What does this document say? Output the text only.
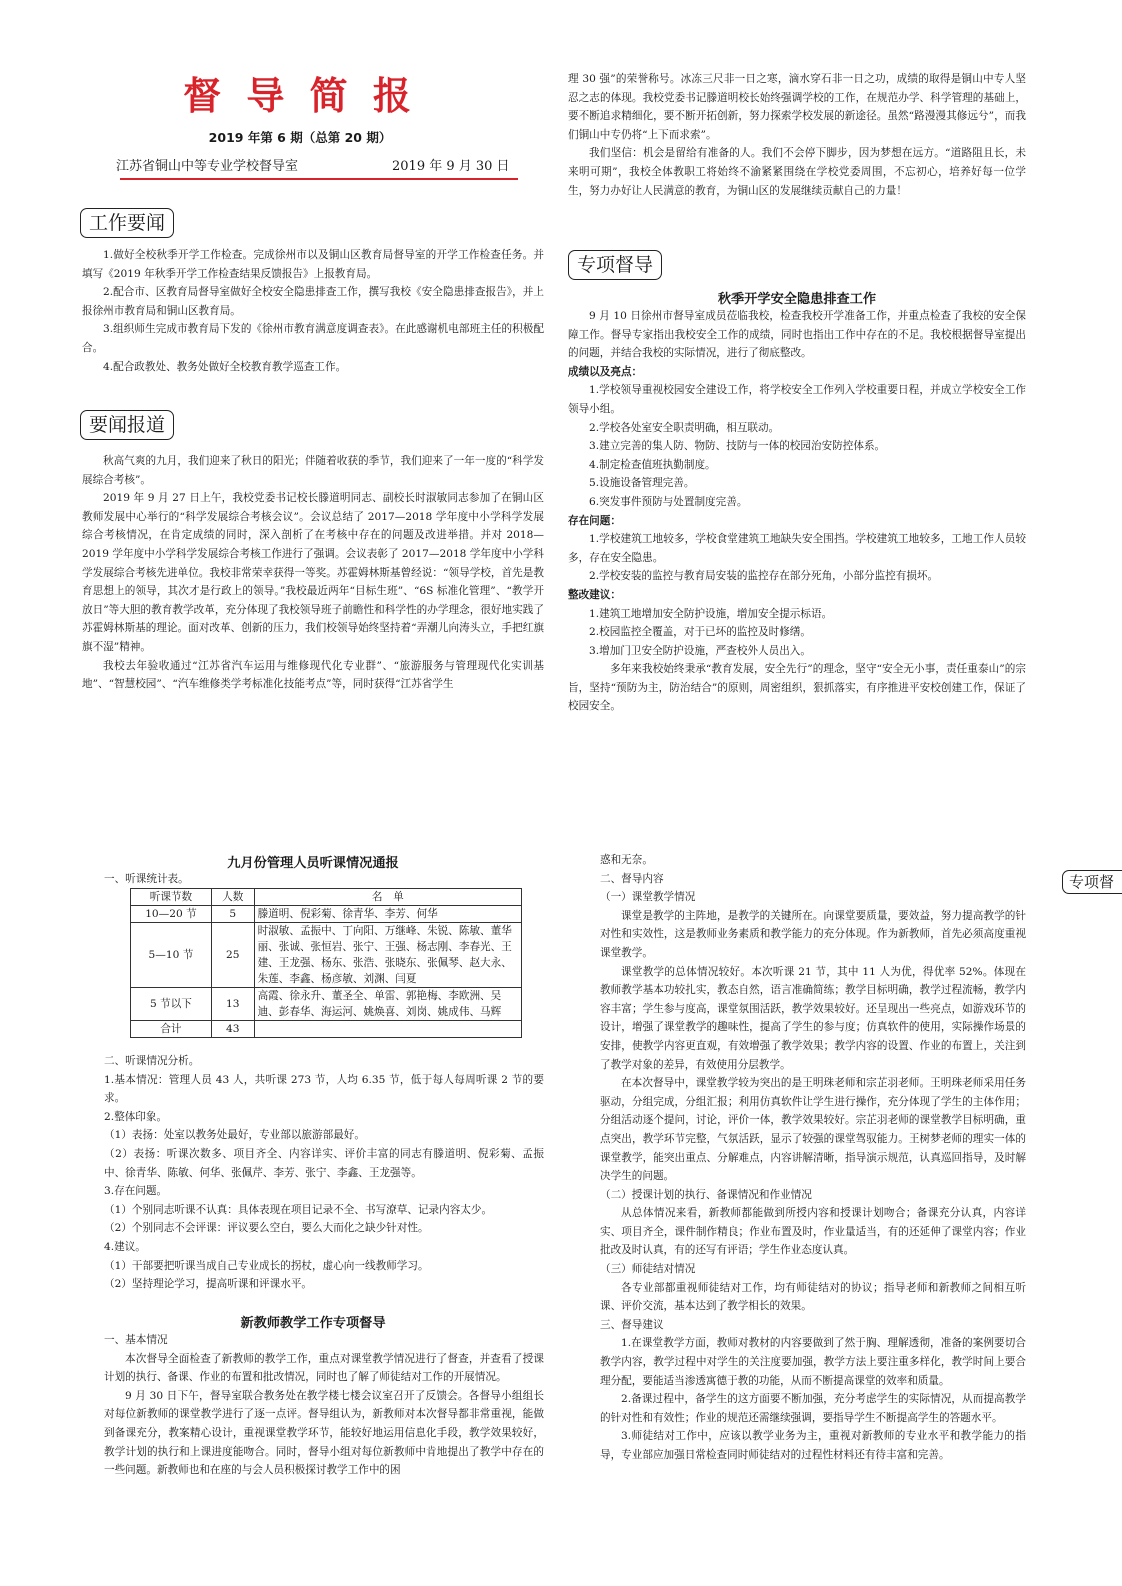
督 导 简 报
2019 年第 6 期（总第 20 期）
江苏省铜山中等专业学校督导室	2019 年 9 月 30 日
工作要闻

1.做好全校秋季开学工作检查。完成徐州市以及铜山区教育局督导室的开学工作检查任务。并填写《2019 年秋季开学工作检查结果反馈报告》上报教育局。

2.配合市、区教育局督导室做好全校安全隐患排查工作，撰写我校《安全隐患排查报告》，并上报徐州市教育局和铜山区教育局。

3.组织师生完成市教育局下发的《徐州市教育满意度调查表》。在此感谢机电部班主任的积极配合。

4.配合政教处、教务处做好全校教育教学巡查工作。

要闻报道

秋高气爽的九月，我们迎来了秋日的阳光；伴随着收获的季节，我们迎来了一年一度的“科学发展综合考核”。

2019 年 9 月 27 日上午，我校党委书记校长滕道明同志、副校长时淑敏同志参加了在铜山区教师发展中心举行的“科学发展综合考核会议”。会议总结了 2017—2018 学年度中小学科学发展综合考核情况，在肯定成绩的同时，深入剖析了在考核中存在的问题及改进举措。并对 2018—2019 学年度中小学科学发展综合考核工作进行了强调。会议表彰了 2017—2018 学年度中小学科学发展综合考核先进单位。我校非常荣幸获得一等奖。苏霍姆林斯基曾经说：“领导学校，首先是教育思想上的领导，其次才是行政上的领导。”我校最近两年“目标生班”、“6S 标准化管理”、“教学开放日”等大胆的教育教学改革，充分体现了我校领导班子前瞻性和科学性的办学理念，很好地实践了苏霍姆林斯基的理论。面对改革、创新的压力，我们校领导始终坚持着“弄潮儿向涛头立，手把红旗旗不湿”精神。

我校去年验收通过“江苏省汽车运用与维修现代化专业群”、“旅游服务与管理现代化实训基地”、“智慧校园”、“汽车维修类学考标准化技能考点”等，同时获得“江苏省学生

理 30 强”的荣誉称号。冰冻三尺非一日之寒，滴水穿石非一日之功，成绩的取得是铜山中专人坚忍之志的体现。我校党委书记滕道明校长始终强调学校的工作，在规范办学、科学管理的基础上，要不断追求精细化，要不断开拓创新，努力探索学校发展的新途径。虽然“路漫漫其修远兮”，而我们铜山中专仍将“上下而求索”。

我们坚信：机会是留给有准备的人。我们不会停下脚步，因为梦想在远方。“道路阻且长，未来明可期”，我校全体教职工将始终不渝紧紧围绕在学校党委周围，不忘初心，培养好每一位学生，努力办好让人民满意的教育，为铜山区的发展继续贡献自己的力量！

专项督导
秋季开学安全隐患排查工作

9 月 10 日徐州市督导室成员莅临我校，检查我校开学准备工作，并重点检查了我校的安全保障工作。督导专家指出我校安全工作的成绩，同时也指出工作中存在的不足。我校根据督导室提出的问题，并结合我校的实际情况，进行了彻底整改。

成绩以及亮点：

1.学校领导重视校园安全建设工作，将学校安全工作列入学校重要日程，并成立学校安全工作领导小组。

2.学校各处室安全职责明确，相互联动。

3.建立完善的集人防、物防、技防与一体的校园治安防控体系。

4.制定检查值班执勤制度。

5.设施设备管理完善。

6.突发事件预防与处置制度完善。

存在问题：

1.学校建筑工地较多，学校食堂建筑工地缺失安全围挡。学校建筑工地较多，工地工作人员较多，存在安全隐患。

2.学校安装的监控与教育局安装的监控存在部分死角，小部分监控有损坏。

整改建议：

1.建筑工地增加安全防护设施，增加安全提示标语。

2.校园监控全覆盖，对于已坏的监控及时修缮。

3.增加门卫安全防护设施，严查校外人员出入。

多年来我校始终秉承“教育发展，安全先行”的理念，坚守“安全无小事，责任重泰山”的宗旨，坚持“预防为主，防治结合”的原则，周密组织，狠抓落实，有序推进平安校创建工作，保证了校园安全。

九月份管理人员听课情况通报
一、听课统计表。
听课节数	人数	名　单
10—20 节	5	滕道明、倪彩菊、徐青华、李芳、何华
5—10 节	25	时淑敏、孟振中、丁向阳、万继峰、朱锐、陈敏、董华丽、张诚、张恒岩、张宁、王强、杨志刚、李春光、王建、王龙强、杨东、张浩、张晓东、张佩琴、赵大永、朱莲、李鑫、杨彦敏、刘渊、闫夏
5 节以下	13	高霞、徐永升、董圣全、单雷、郭艳梅、李欧洲、吴迪、彭春华、海运河、姚焕喜、刘岗、姚成伟、马辉
合计	43	

二、听课情况分析。

1.基本情况：管理人员 43 人，共听课 273 节，人均 6.35 节，低于每人每周听课 2 节的要求。

2.整体印象。

（1）表扬：处室以教务处最好，专业部以旅游部最好。

（2）表扬：听课次数多、项目齐全、内容详实、评价丰富的同志有滕道明、倪彩菊、孟振中、徐青华、陈敏、何华、张佩芹、李芳、张宁、李鑫、王龙强等。

3.存在问题。

（1）个别同志听课不认真：具体表现在项目记录不全、书写潦草、记录内容太少。

（2）个别同志不会评课：评议要么空白，要么大而化之缺少针对性。

4.建议。

（1）干部要把听课当成自己专业成长的拐杖，虚心向一线教师学习。

（2）坚持理论学习，提高听课和评课水平。

新教师教学工作专项督导

一、基本情况

本次督导全面检查了新教师的教学工作，重点对课堂教学情况进行了督查，并查看了授课计划的执行、备课、作业的布置和批改情况，同时也了解了师徒结对工作的开展情况。

9 月 30 日下午，督导室联合教务处在教学楼七楼会议室召开了反馈会。各督导小组组长对每位新教师的课堂教学进行了逐一点评。督导组认为，新教师对本次督导都非常重视，能做到备课充分，教案精心设计，重视课堂教学环节，能较好地运用信息化手段，教学效果较好，教学计划的执行和上课进度能吻合。同时，督导小组对每位新教师中肯地提出了教学中存在的一些问题。新教师也和在座的与会人员积极探讨教学工作中的困

惑和无奈。

二、督导内容

（一）课堂教学情况

课堂是教学的主阵地，是教学的关键所在。向课堂要质量，要效益，努力提高教学的针对性和实效性，这是教师业务素质和教学能力的充分体现。作为新教师，首先必须高度重视课堂教学。

课堂教学的总体情况较好。本次听课 21 节，其中 11 人为优，得优率 52%。体现在教师教学基本功较扎实，教态自然，语言准确简练；教学目标明确，教学过程流畅，教学内容丰富；学生参与度高，课堂氛围活跃，教学效果较好。还呈现出一些亮点，如游戏环节的设计，增强了课堂教学的趣味性，提高了学生的参与度；仿真软件的使用，实际操作场景的安排，使教学内容更直观，有效增强了教学效果；教学内容的设置、作业的布置上，关注到了教学对象的差异，有效使用分层教学。

在本次督导中，课堂教学较为突出的是王明珠老师和宗芷羽老师。王明珠老师采用任务驱动，分组完成，分组汇报；利用仿真软件让学生进行操作，充分体现了学生的主体作用；分组活动逐个提问，讨论，评价一体，教学效果较好。宗芷羽老师的课堂教学目标明确，重点突出，教学环节完整，气氛活跃，显示了较强的课堂驾驭能力。王树梦老师的理实一体的课堂教学，能突出重点、分解难点，内容讲解清晰，指导演示规范，认真巡回指导，及时解决学生的问题。

（二）授课计划的执行、备课情况和作业情况

从总体情况来看，新教师都能做到所授内容和授课计划吻合；备课充分认真，内容详实、项目齐全，课件制作精良；作业布置及时，作业量适当，有的还延伸了课堂内容；作业批改及时认真，有的还写有评语；学生作业态度认真。

（三）师徒结对情况

各专业部都重视师徒结对工作，均有师徒结对的协议；指导老师和新教师之间相互听课、评价交流，基本达到了教学相长的效果。

三、督导建议

1.在课堂教学方面，教师对教材的内容要做到了然于胸、理解透彻，准备的案例要切合教学内容，教学过程中对学生的关注度要加强，教学方法上要注重多样化，教学时间上要合理分配，要能适当渗透寓德于教的功能，从而不断提高课堂的效率和质量。

2.备课过程中，备学生的这方面要不断加强，充分考虑学生的实际情况，从而提高教学的针对性和有效性；作业的规范还需继续强调，要指导学生不断提高学生的答题水平。

3.师徒结对工作中，应该以教学业务为主，重视对新教师的专业水平和教学能力的指导，专业部应加强日常检查同时师徒结对的过程性材料还有待丰富和完善。

专项督
